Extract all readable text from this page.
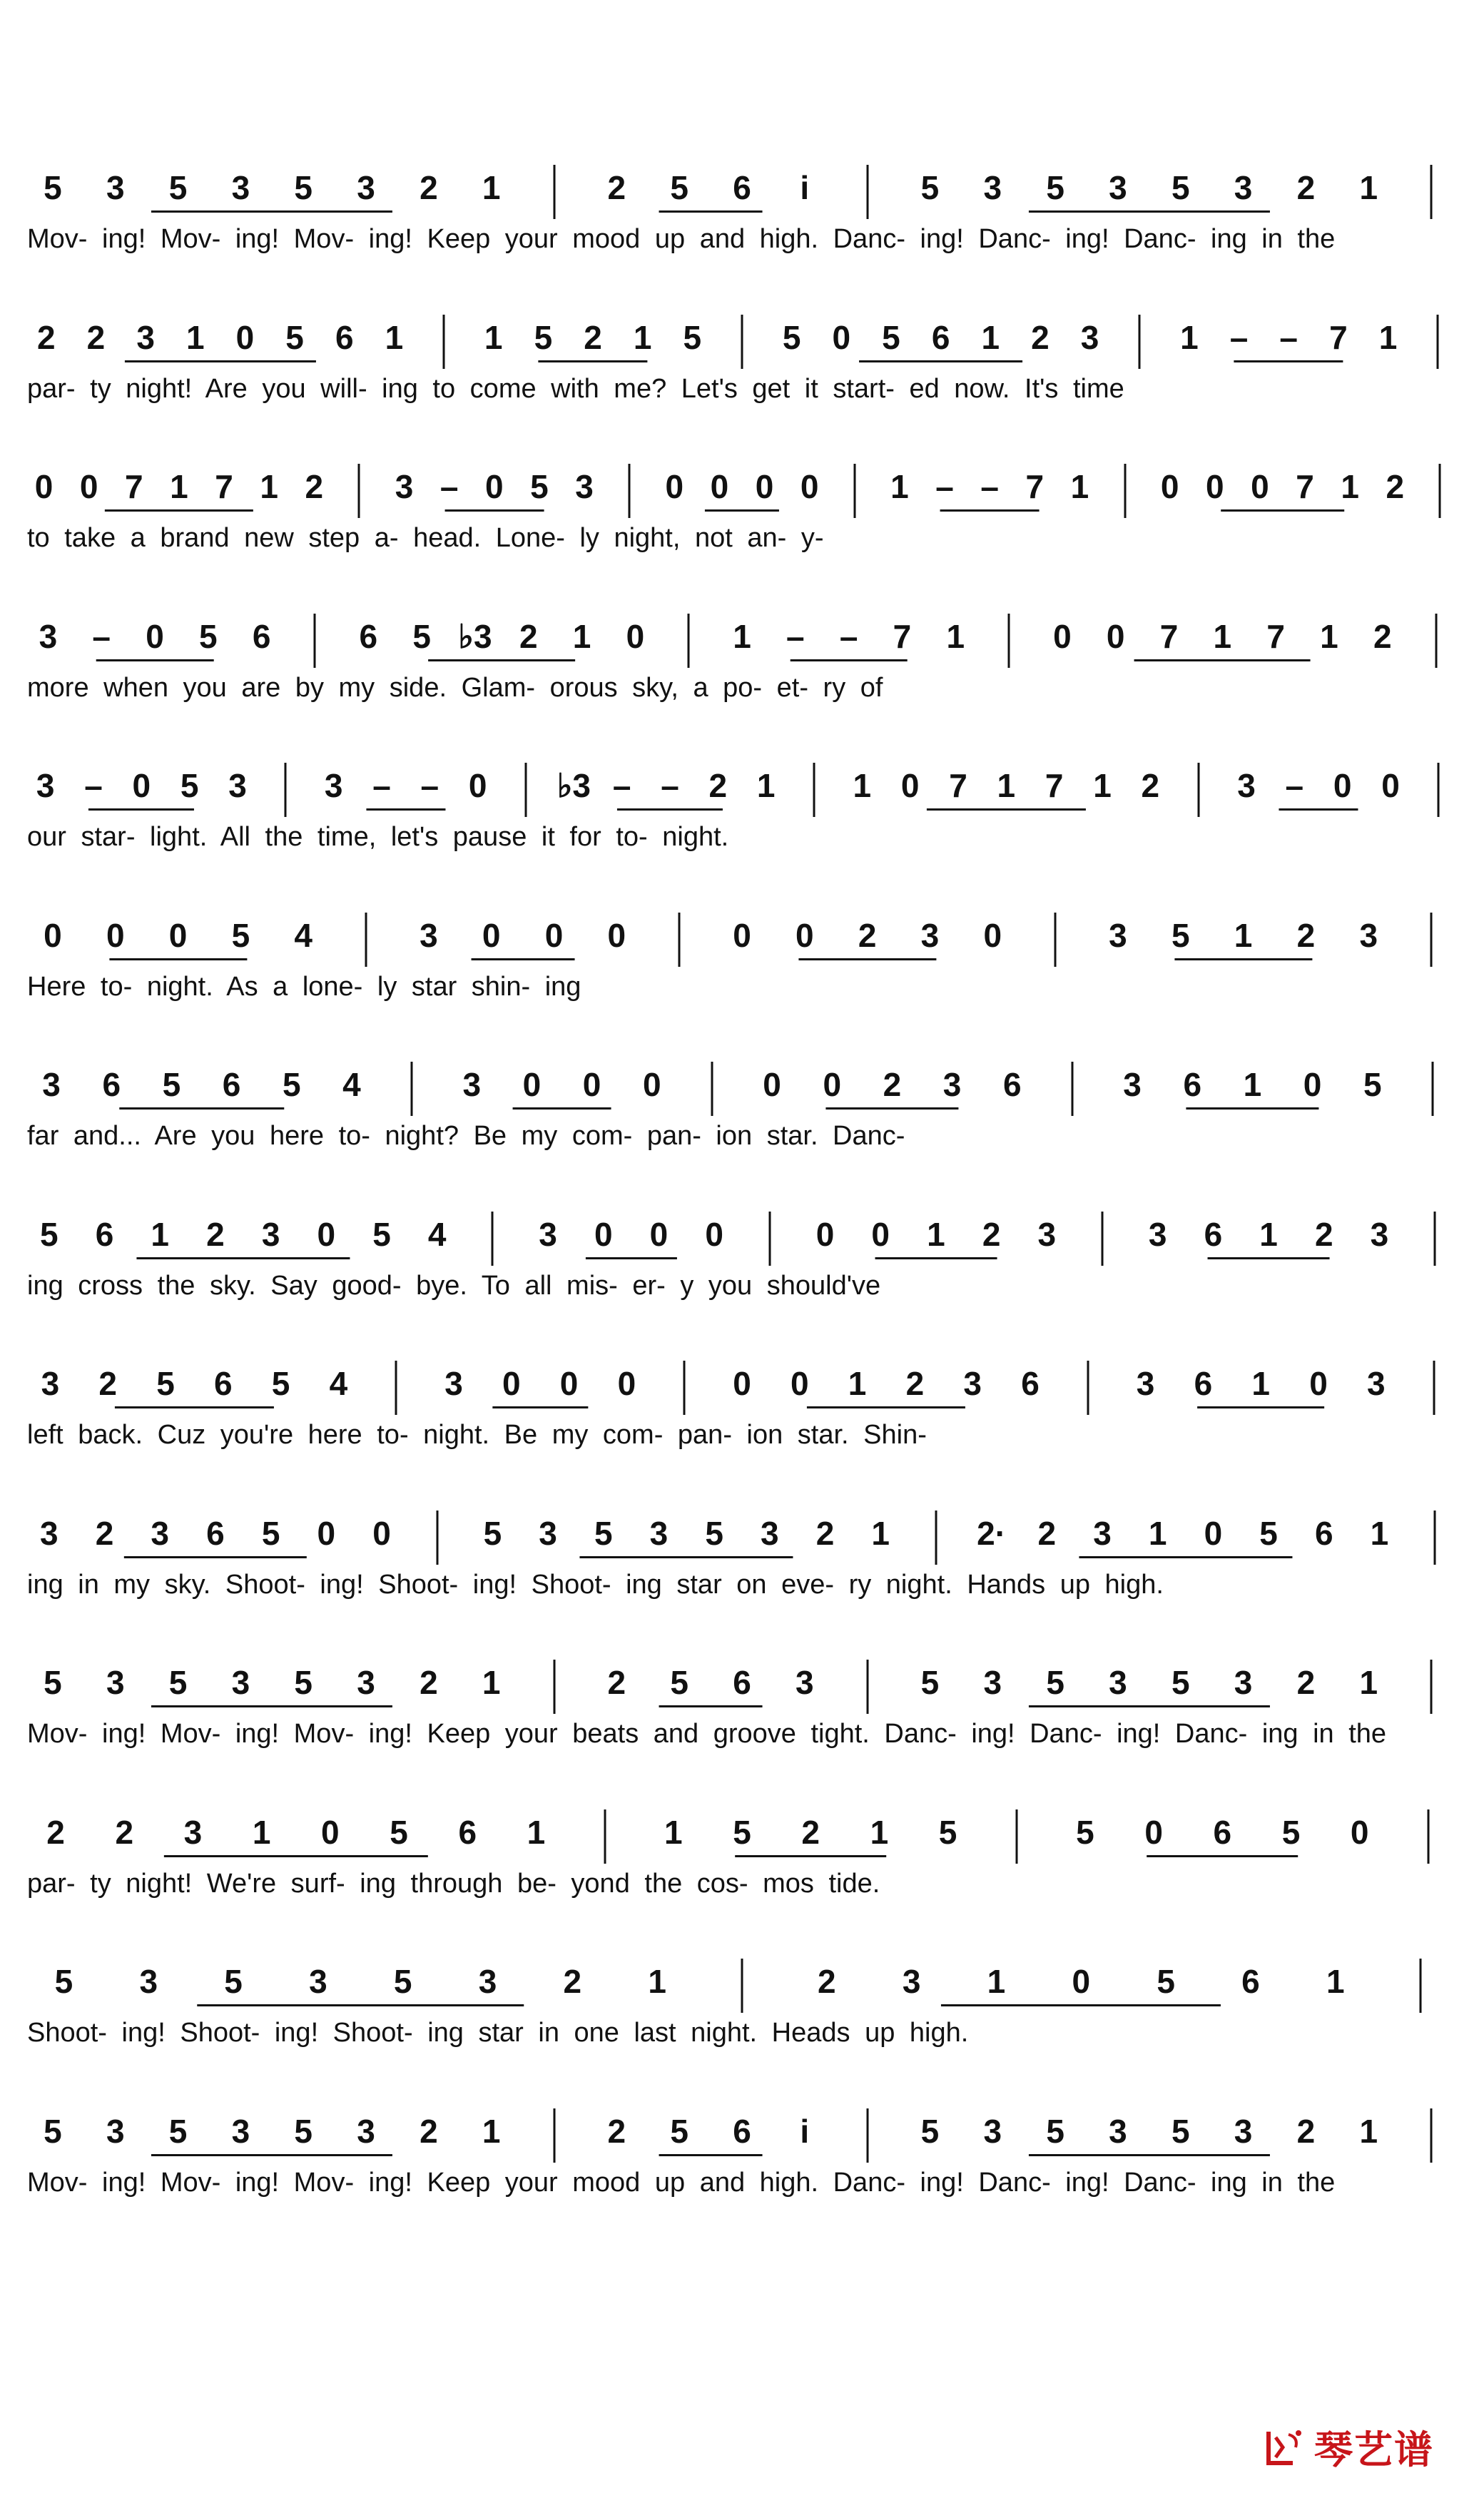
5 3 5 3 5 3 2 1	2 5 6 i	5 3 5 3 5 3 2 1
Mov- ing! Mov- ing! Mov- ing! Keep your mood up and high. Danc- ing! Danc- ing! Danc- ing in the
2 2 3 1 0 5 6 1 1 5 2 1 5 5 0 5 6 1 2 3 1 – – 7 1
par- ty night! Are you will- ing to come with me? Let's get it start- ed now. It's time
0 0 7 1 7 1 2 3 – 0 5 3 0 0 0 0 1 – – 7 1 0 0 0 7 1 2
to take a brand new step a- head. Lone- ly night, not an- y-
3 – 0 5 6	6 5 ♭3 2 1 0	1 – – 7 1	0 0 7 1 7 1 2
more when you are by my side. Glam- orous sky, a po- et- ry of
3 – 0 5 3 3 – – 0 ♭3 – – 2 1 1 0 7 1 7 1 2 3 – 0 0
our star- light. All the time, let's pause it for to- night.
0 0 0 5 4	3 0 0 0	0 0 2 3 0	3 5 1 2 3
Here to- night. As a lone- ly star shin- ing
3 6 5 6 5 4	3 0 0 0	0 0 2 3 6	3 6 1 0 5
far and... Are you here to- night? Be my com- pan- ion star. Danc-
5 6 1 2 3 0 5 4	3 0 0 0	0 0 1 2 3	3 6 1 2 3
ing cross the sky. Say good- bye. To all mis- er- y you should've
3 2 5 6 5 4	3 0 0 0	0 0 1 2 3 6	3 6 1 0 3
left back. Cuz you're here to- night. Be my com- pan- ion star. Shin-
3 2 3 6 5 0 0	5 3 5 3 5 3 2 1	2· 2 3 1 0 5 6 1
ing in my sky. Shoot- ing! Shoot- ing! Shoot- ing star on eve- ry night. Hands up high.
5 3 5 3 5 3 2 1	2 5 6 3	5 3 5 3 5 3 2 1
Mov- ing! Mov- ing! Mov- ing! Keep your beats and groove tight. Danc- ing! Danc- ing! Danc- ing in the
2 2 3 1 0 5 6 1	1 5 2 1 5	5 0 6 5 0
par- ty night! We're surf- ing through be- yond the cos- mos tide.
5 3 5 3 5 3 2 1	2 3 1 0 5 6 1
Shoot- ing! Shoot- ing! Shoot- ing star in one last night. Heads up high.
5 3 5 3 5 3 2 1	2 5 6 i	5 3 5 3 5 3 2 1
Mov- ing! Mov- ing! Mov- ing! Keep your mood up and high. Danc- ing! Danc- ing! Danc- ing in the
琴艺谱
